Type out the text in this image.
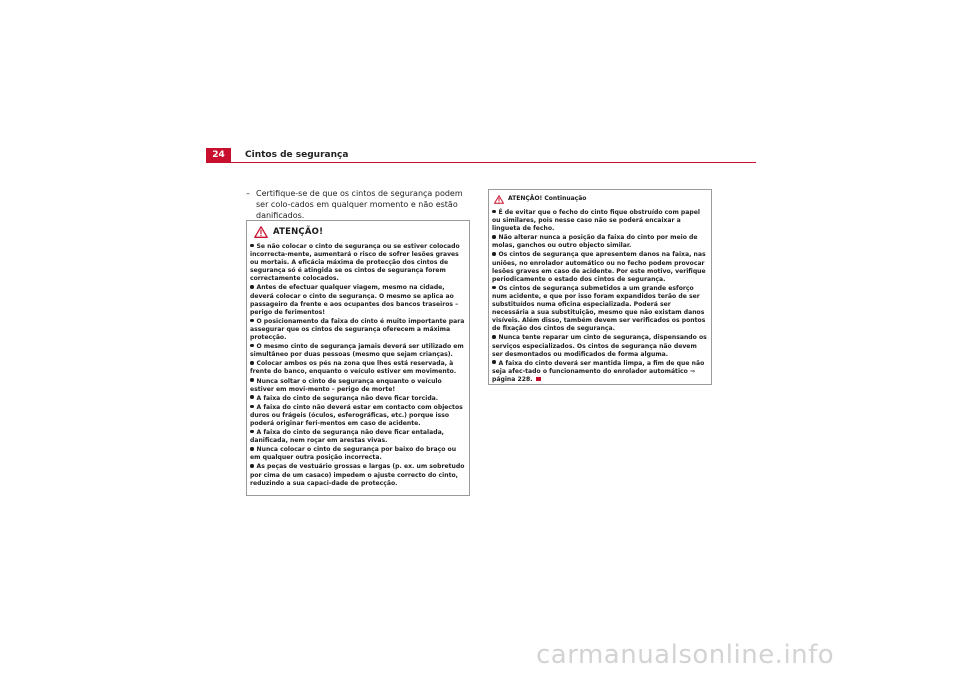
24	Cintos de segurança
– Certifique-se de que os cintos de segurança podem ser colo-cados em qualquer momento e não estão danificados.
ATENÇÃO!
Se não colocar o cinto de segurança ou se estiver colocado incorrecta-mente, aumentará o risco de sofrer lesões graves ou mortais. A eficácia máxima de protecção dos cintos de segurança só é atingida se os cintos de segurança forem correctamente colocados.
Antes de efectuar qualquer viagem, mesmo na cidade, deverá colocar o cinto de segurança. O mesmo se aplica ao passageiro da frente e aos ocupantes dos bancos traseiros – perigo de ferimentos!
O posicionamento da faixa do cinto é muito importante para assegurar que os cintos de segurança oferecem a máxima protecção.
O mesmo cinto de segurança jamais deverá ser utilizado em simultâneo por duas pessoas (mesmo que sejam crianças).
Colocar ambos os pés na zona que lhes está reservada, à frente do banco, enquanto o veículo estiver em movimento.
Nunca soltar o cinto de segurança enquanto o veículo estiver em movi-mento – perigo de morte!
A faixa do cinto de segurança não deve ficar torcida.
A faixa do cinto não deverá estar em contacto com objectos duros ou frágeis (óculos, esferográficas, etc.) porque isso poderá originar feri-mentos em caso de acidente.
A faixa do cinto de segurança não deve ficar entalada, danificada, nem roçar em arestas vivas.
Nunca colocar o cinto de segurança por baixo do braço ou em qualquer outra posição incorrecta.
As peças de vestuário grossas e largas (p. ex. um sobretudo por cima de um casaco) impedem o ajuste correcto do cinto, reduzindo a sua capaci-dade de protecção.
ATENÇÃO! Continuação
É de evitar que o fecho do cinto fique obstruído com papel ou similares, pois nesse caso não se poderá encaixar a lingueta de fecho.
Não alterar nunca a posição da faixa do cinto por meio de molas, ganchos ou outro objecto similar.
Os cintos de segurança que apresentem danos na faixa, nas uniões, no enrolador automático ou no fecho podem provocar lesões graves em caso de acidente. Por este motivo, verifique periodicamente o estado dos cintos de segurança.
Os cintos de segurança submetidos a um grande esforço num acidente, e que por isso foram expandidos terão de ser substituídos numa oficina especializada. Poderá ser necessária a sua substituição, mesmo que não existam danos visíveis. Além disso, também devem ser verificados os pontos de fixação dos cintos de segurança.
Nunca tente reparar um cinto de segurança, dispensando os serviços especializados. Os cintos de segurança não devem ser desmontados ou modificados de forma alguma.
A faixa do cinto deverá ser mantida limpa, a fim de que não seja afec-tado o funcionamento do enrolador automático ⇒ página 228.
carmanualsonline.info
